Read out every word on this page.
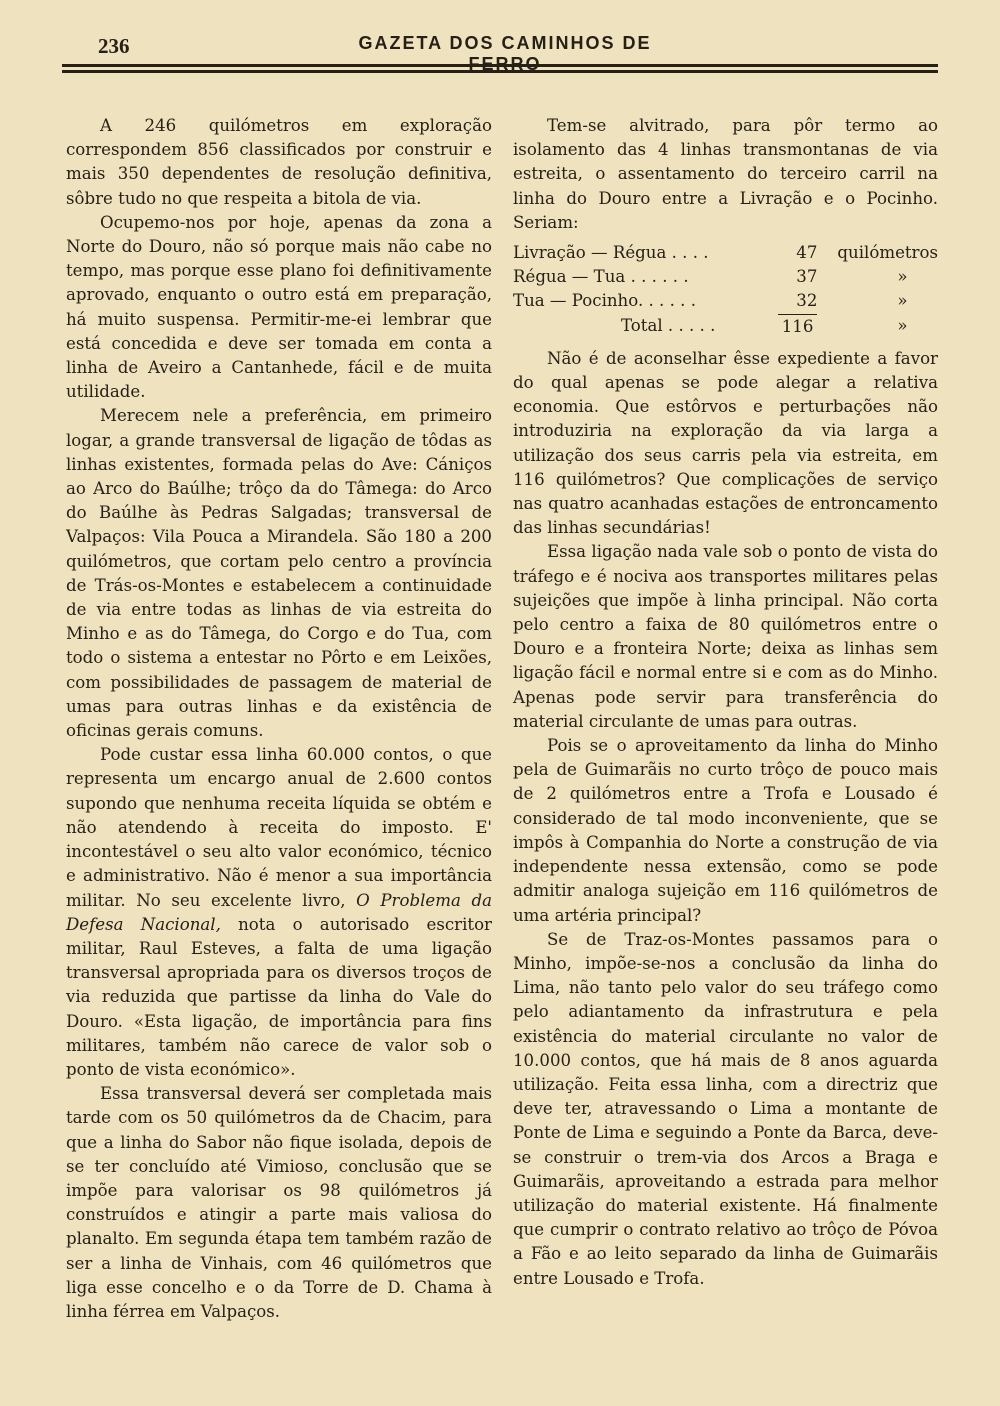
236	GAZETA DOS CAMINHOS DE FERRO

A 246 quilómetros em exploração correspondem 856 classificados por construir e mais 350 dependentes de resolução definitiva, sôbre tudo no que respeita a bitola de via.

Ocupemo-nos por hoje, apenas da zona a Norte do Douro, não só porque mais não cabe no tempo, mas porque esse plano foi definitivamente aprovado, enquanto o outro está em preparação, há muito suspensa. Permitir-me-ei lembrar que está concedida e deve ser tomada em conta a linha de Aveiro a Cantanhede, fácil e de muita utilidade.

Merecem nele a preferência, em primeiro logar, a grande transversal de ligação de tôdas as linhas existentes, formada pelas do Ave: Cániços ao Arco do Baúlhe; trôço da do Tâmega: do Arco do Baúlhe às Pedras Salgadas; transversal de Valpaços: Vila Pouca a Mirandela. São 180 a 200 quilómetros, que cortam pelo centro a província de Trás-os-Montes e estabelecem a continuidade de via entre todas as linhas de via estreita do Minho e as do Tâmega, do Corgo e do Tua, com todo o sistema a entestar no Pôrto e em Leixões, com possibilidades de passagem de material de umas para outras linhas e da existência de oficinas gerais comuns.

Pode custar essa linha 60.000 contos, o que representa um encargo anual de 2.600 contos supondo que nenhuma receita líquida se obtém e não atendendo à receita do imposto. E' incontestável o seu alto valor económico, técnico e administrativo. Não é menor a sua importância militar. No seu excelente livro, O Problema da Defesa Nacional, nota o autorisado escritor militar, Raul Esteves, a falta de uma ligação transversal apropriada para os diversos troços de via reduzida que partisse da linha do Vale do Douro. «Esta ligação, de importância para fins militares, também não carece de valor sob o ponto de vista económico».

Essa transversal deverá ser completada mais tarde com os 50 quilómetros da de Chacim, para que a linha do Sabor não fique isolada, depois de se ter concluído até Vimioso, conclusão que se impõe para valorisar os 98 quilómetros já construídos e atingir a parte mais valiosa do planalto. Em segunda étapa tem também razão de ser a linha de Vinhais, com 46 quilómetros que liga esse concelho e o da Torre de D. Chama à linha férrea em Valpaços.

Tem-se alvitrado, para pôr termo ao isolamento das 4 linhas transmontanas de via estreita, o assentamento do terceiro carril na linha do Douro entre a Livração e o Pocinho. Seriam:

Livração — Régua . . . .	47	quilómetros
Régua — Tua . . . . . .	37	»
Tua — Pocinho. . . . . .	32	»
Total . . . . .	116	»

Não é de aconselhar êsse expediente a favor do qual apenas se pode alegar a relativa economia. Que estôrvos e perturbações não introduziria na exploração da via larga a utilização dos seus carris pela via estreita, em 116 quilómetros? Que complicações de serviço nas quatro acanhadas estações de entroncamento das linhas secundárias!

Essa ligação nada vale sob o ponto de vista do tráfego e é nociva aos transportes militares pelas sujeições que impõe à linha principal. Não corta pelo centro a faixa de 80 quilómetros entre o Douro e a fronteira Norte; deixa as linhas sem ligação fácil e normal entre si e com as do Minho. Apenas pode servir para transferência do material circulante de umas para outras.

Pois se o aproveitamento da linha do Minho pela de Guimarãis no curto trôço de pouco mais de 2 quilómetros entre a Trofa e Lousado é considerado de tal modo inconveniente, que se impôs à Companhia do Norte a construção de via independente nessa extensão, como se pode admitir analoga sujeição em 116 quilómetros de uma artéria principal?

Se de Traz-os-Montes passamos para o Minho, impõe-se-nos a conclusão da linha do Lima, não tanto pelo valor do seu tráfego como pelo adiantamento da infrastrutura e pela existência do material circulante no valor de 10.000 contos, que há mais de 8 anos aguarda utilização. Feita essa linha, com a directriz que deve ter, atravessando o Lima a montante de Ponte de Lima e seguindo a Ponte da Barca, deve-se construir o trem-via dos Arcos a Braga e Guimarãis, aproveitando a estrada para melhor utilização do material existente. Há finalmente que cumprir o contrato relativo ao trôço de Póvoa a Fão e ao leito separado da linha de Guimarãis entre Lousado e Trofa.
